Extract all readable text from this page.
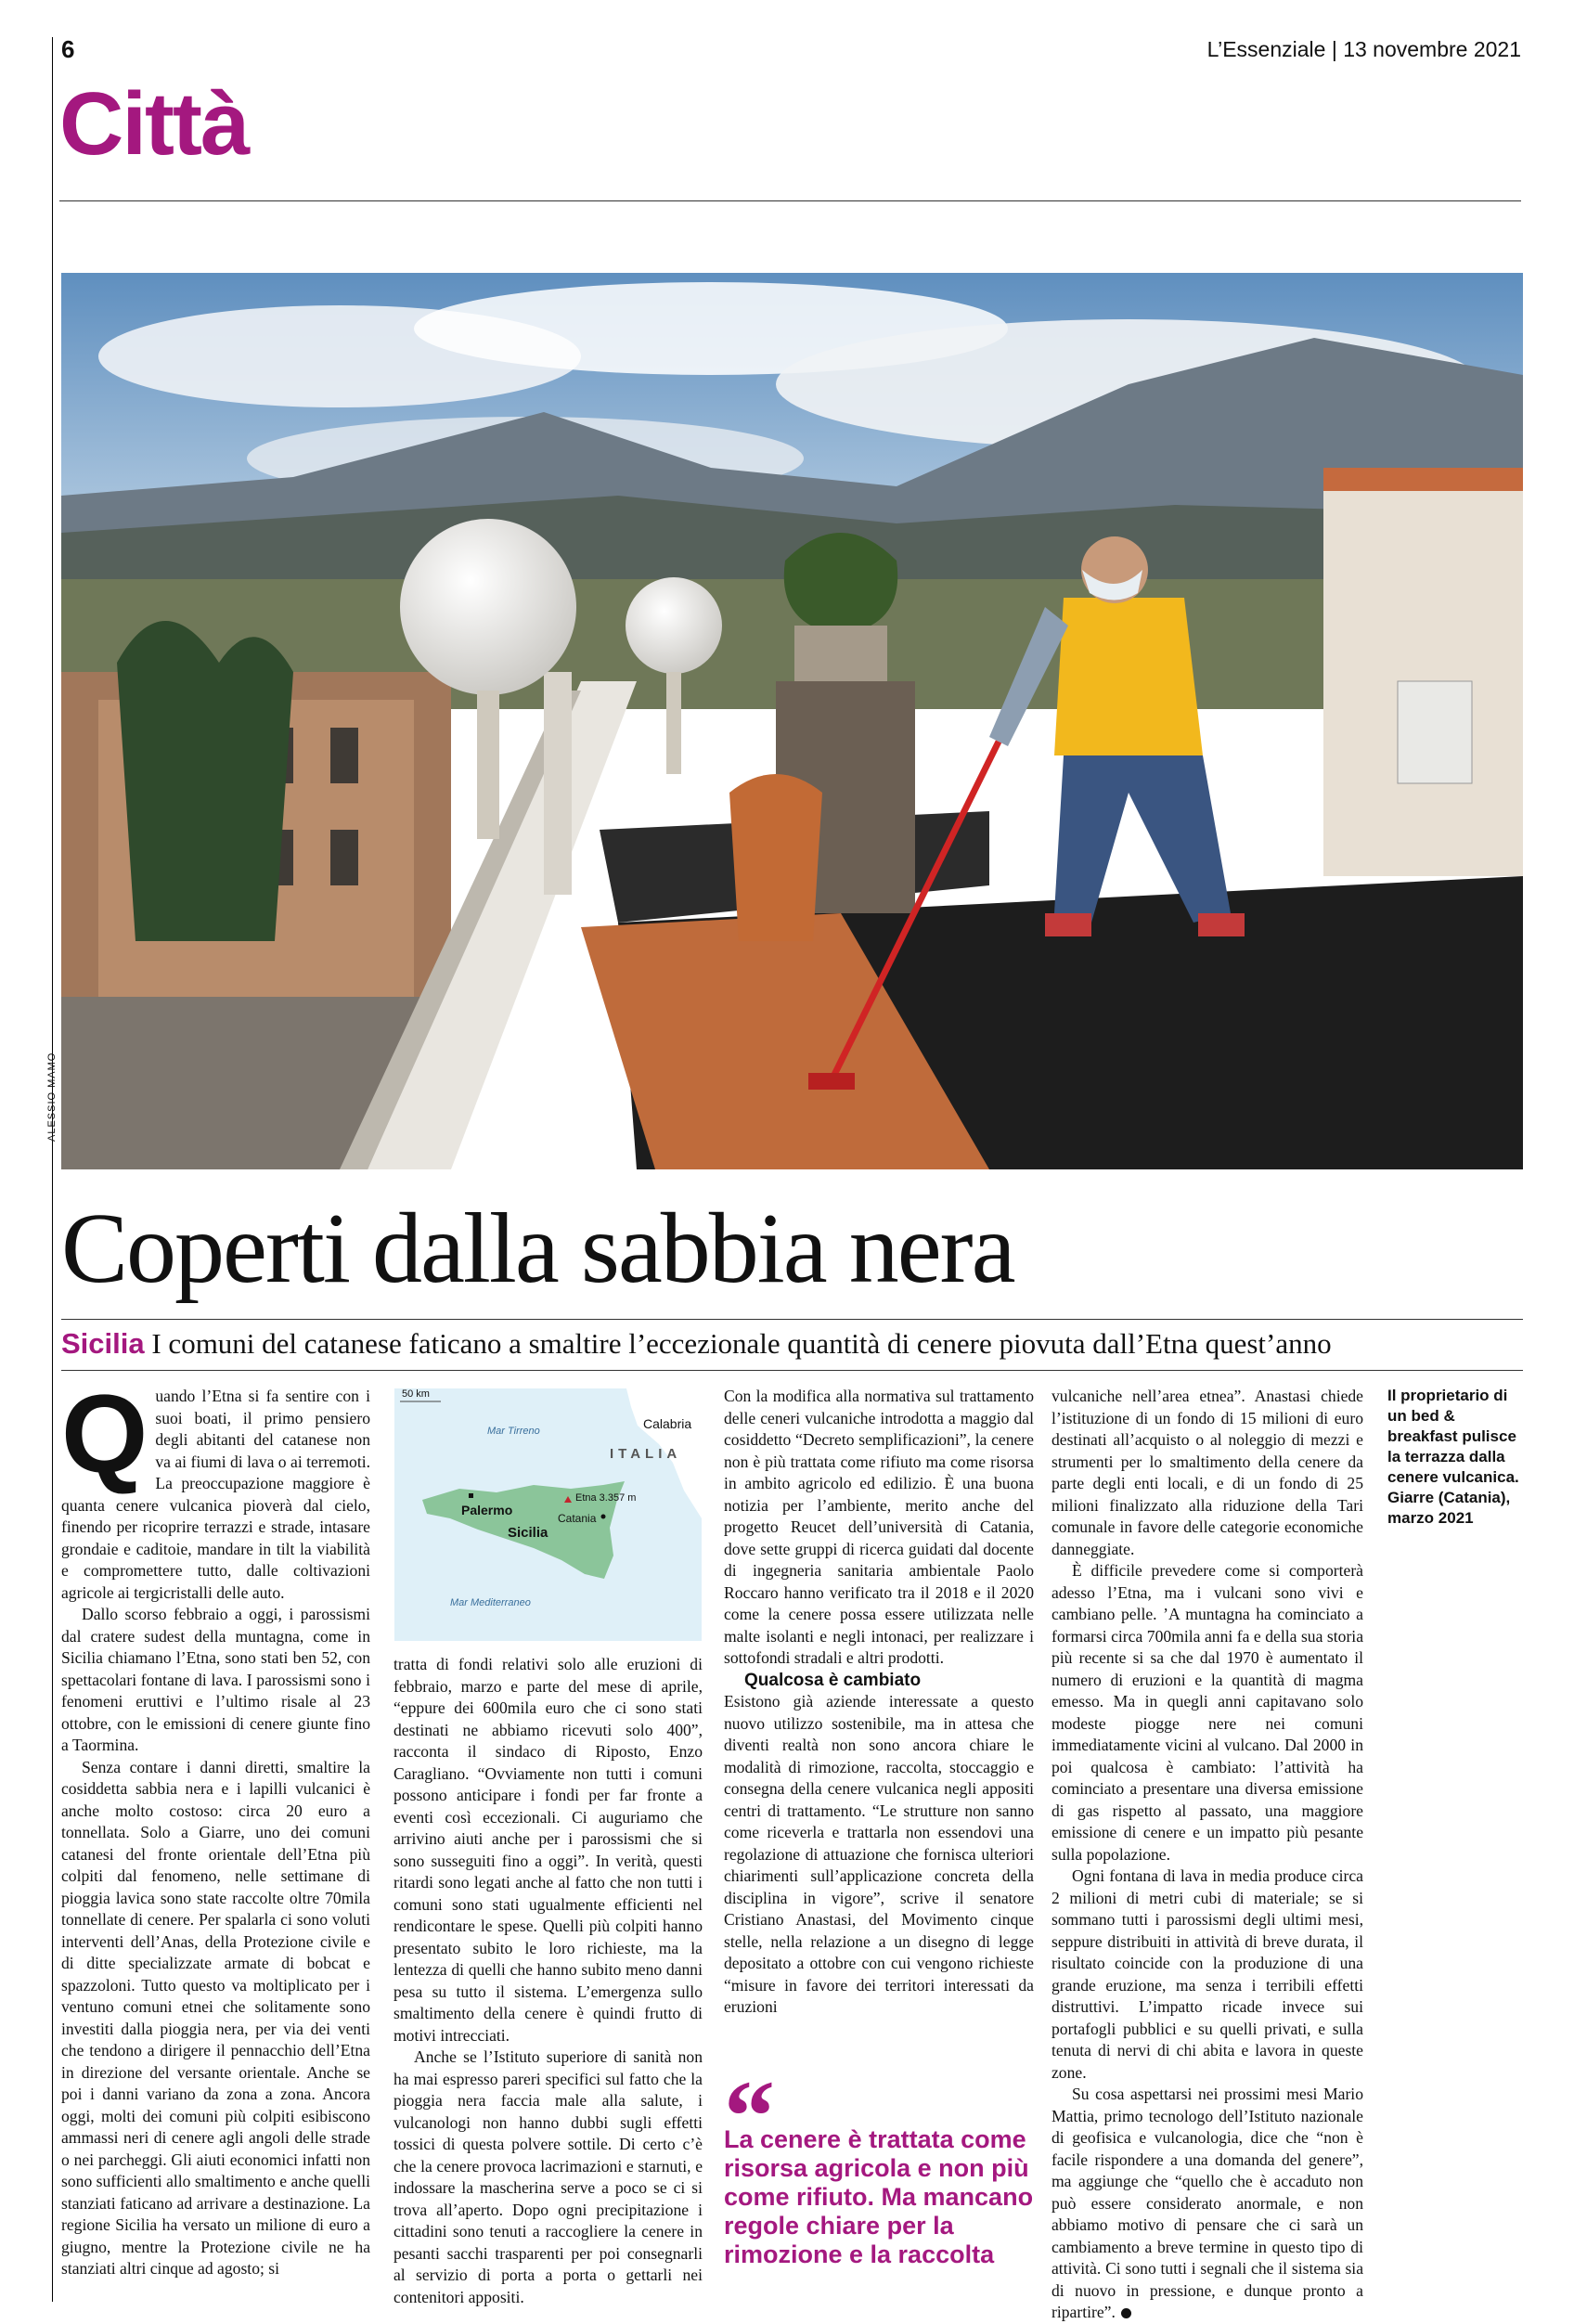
6	L’Essenziale | 13 novembre 2021
Città
ALESSIO MAMO
Coperti dalla sabbia nera
Sicilia I comuni del catanese faticano a smaltire l’eccezionale quantità di cenere piovuta dall’Etna quest’anno

Quando l’Etna si fa sentire con i suoi boati, il primo pensiero degli abitanti del catanese non va ai fiumi di lava o ai terremoti. La preoccupazione maggiore è quanta cenere vulcanica pioverà dal cielo, finendo per ricoprire terrazzi e strade, intasare grondaie e caditoie, mandare in tilt la viabilità e compromettere tutto, dalle coltivazioni agricole ai tergicristalli delle auto.

Dallo scorso febbraio a oggi, i parossismi dal cratere sudest della muntagna, come in Sicilia chiamano l’Etna, sono stati ben 52, con spettacolari fontane di lava. I parossismi sono i fenomeni eruttivi e l’ultimo risale al 23 ottobre, con le emissioni di cenere giunte fino a Taormina.

Senza contare i danni diretti, smaltire la cosiddetta sabbia nera e i lapilli vulcanici è anche molto costoso: circa 20 euro a tonnellata. Solo a Giarre, uno dei comuni catanesi del fronte orientale dell’Etna più colpiti dal fenomeno, nelle settimane di pioggia lavica sono state raccolte oltre 70mila tonnellate di cenere. Per spalarla ci sono voluti interventi dell’Anas, della Protezione civile e di ditte specializzate armate di bobcat e spazzoloni. Tutto questo va moltiplicato per i ventuno comuni etnei che solitamente sono investiti dalla pioggia nera, per via dei venti che tendono a dirigere il pennacchio dell’Etna in direzione del versante orientale. Anche se poi i danni variano da zona a zona. Ancora oggi, molti dei comuni più colpiti esibiscono ammassi neri di cenere agli angoli delle strade o nei parcheggi. Gli aiuti economici infatti non sono sufficienti allo smaltimento e anche quelli stanziati faticano ad arrivare a destinazione. La regione Sicilia ha versato un milione di euro a giugno, mentre la Protezione civile ne ha stanziati altri cinque ad agosto; si

50 km
Mar Tirreno	Calabria
ITALIA
Palermo
Etna 3.357 m
Catania
Sicilia
Mar Mediterraneo

tratta di fondi relativi solo alle eruzioni di febbraio, marzo e parte del mese di aprile, “eppure dei 600mila euro che ci sono stati destinati ne abbiamo ricevuti solo 400”, racconta il sindaco di Riposto, Enzo Caragliano. “Ovviamente non tutti i comuni possono anticipare i fondi per far fronte a eventi così eccezionali. Ci auguriamo che arrivino aiuti anche per i parossismi che si sono susseguiti fino a oggi”. In verità, questi ritardi sono legati anche al fatto che non tutti i comuni sono stati ugualmente efficienti nel rendicontare le spese. Quelli più colpiti hanno presentato subito le loro richieste, ma la lentezza di quelli che hanno subito meno danni pesa su tutto il sistema. L’emergenza sullo smaltimento della cenere è quindi frutto di motivi intrecciati.

Anche se l’Istituto superiore di sanità non ha mai espresso pareri specifici sul fatto che la pioggia nera faccia male alla salute, i vulcanologi non hanno dubbi sugli effetti tossici di questa polvere sottile. Di certo c’è che la cenere provoca lacrimazioni e starnuti, e indossare la mascherina serve a poco se ci si trova all’aperto. Dopo ogni precipitazione i cittadini sono tenuti a raccogliere la cenere in pesanti sacchi trasparenti per poi consegnarli al servizio di porta a porta o gettarli nei contenitori appositi.

Con la modifica alla normativa sul trattamento delle ceneri vulcaniche introdotta a maggio dal cosiddetto “Decreto semplificazioni”, la cenere non è più trattata come rifiuto ma come risorsa in ambito agricolo ed edilizio. È una buona notizia per l’ambiente, merito anche del progetto Reucet dell’università di Catania, dove sette gruppi di ricerca guidati dal docente di ingegneria sanitaria ambientale Paolo Roccaro hanno verificato tra il 2018 e il 2020 come la cenere possa essere utilizzata nelle malte isolanti e negli intonaci, per realizzare i sottofondi stradali e altri prodotti.

Qualcosa è cambiato

Esistono già aziende interessate a questo nuovo utilizzo sostenibile, ma in attesa che diventi realtà non sono ancora chiare le modalità di rimozione, raccolta, stoccaggio e consegna della cenere vulcanica negli appositi centri di trattamento. “Le strutture non sanno come riceverla e trattarla non essendovi una regolazione di attuazione che fornisca ulteriori chiarimenti sull’applicazione concreta della disciplina in vigore”, scrive il senatore Cristiano Anastasi, del Movimento cinque stelle, nella relazione a un disegno di legge depositato a ottobre con cui vengono richieste “misure in favore dei territori interessati da eruzioni

“
La cenere è trattata come risorsa agricola e non più come rifiuto. Ma mancano regole chiare per la rimozione e la raccolta

vulcaniche nell’area etnea”. Anastasi chiede l’istituzione di un fondo di 15 milioni di euro destinati all’acquisto o al noleggio di mezzi e strumenti per lo smaltimento della cenere da parte degli enti locali, e di un fondo di 25 milioni finalizzato alla riduzione della Tari comunale in favore delle categorie economiche danneggiate.

È difficile prevedere come si comporterà adesso l’Etna, ma i vulcani sono vivi e cambiano pelle. ’A muntagna ha cominciato a formarsi circa 700mila anni fa e della sua storia più recente si sa che dal 1970 è aumentato il numero di eruzioni e la quantità di magma emesso. Ma in quegli anni capitavano solo modeste piogge nere nei comuni immediatamente vicini al vulcano. Dal 2000 in poi qualcosa è cambiato: l’attività ha cominciato a presentare una diversa emissione di gas rispetto al passato, una maggiore emissione di cenere e un impatto più pesante sulla popolazione.

Ogni fontana di lava in media produce circa 2 milioni di metri cubi di materiale; se si sommano tutti i parossismi degli ultimi mesi, seppure distribuiti in attività di breve durata, il risultato coincide con la produzione di una grande eruzione, ma senza i terribili effetti distruttivi. L’impatto ricade invece sui portafogli pubblici e su quelli privati, e sulla tenuta di nervi di chi abita e lavora in queste zone.

Su cosa aspettarsi nei prossimi mesi Mario Mattia, primo tecnologo dell’Istituto nazionale di geofisica e vulcanologia, dice che “non è facile rispondere a una domanda del genere”, ma aggiunge che “quello che è accaduto non può essere considerato anormale, e non abbiamo motivo di pensare che ci sarà un cambiamento a breve termine in questo tipo di attività. Ci sono tutti i segnali che il sistema sia di nuovo in pressione, e dunque pronto a ripartire”.

Il proprietario di un bed & breakfast pulisce la terrazza dalla cenere vulcanica. Giarre (Catania), marzo 2021
